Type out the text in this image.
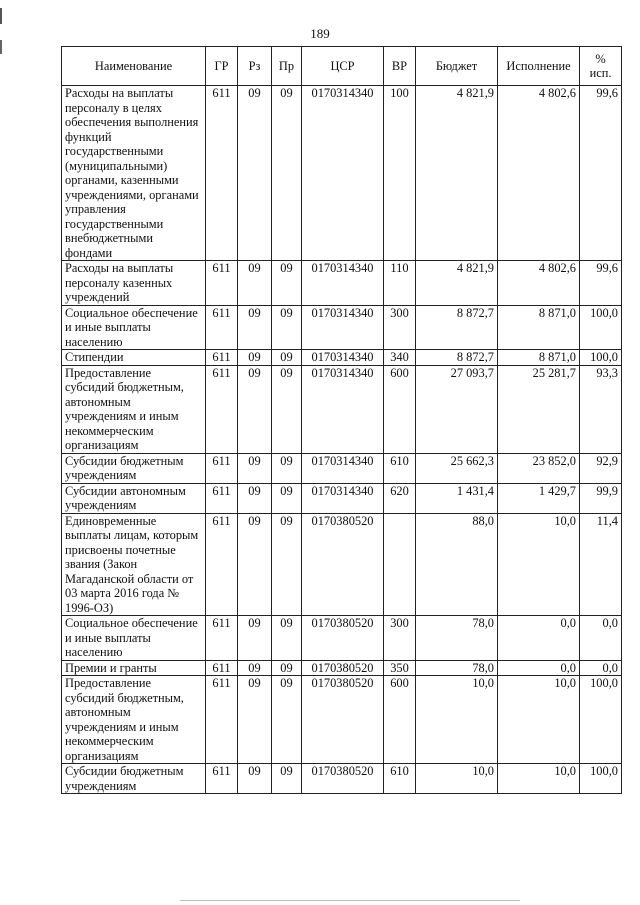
189
Наименование	ГР	Рз	Пр	ЦСР	ВР	Бюджет	Исполнение	% исп.
Расходы на выплаты персоналу в целях обеспечения выполнения функций государственными (муниципальными) органами, казенными учреждениями, органами управления государственными внебюджетными фондами	611	09	09	0170314340	100	4 821,9	4 802,6	99,6
Расходы на выплаты персоналу казенных учреждений	611	09	09	0170314340	110	4 821,9	4 802,6	99,6
Социальное обеспечение и иные выплаты населению	611	09	09	0170314340	300	8 872,7	8 871,0	100,0
Стипендии	611	09	09	0170314340	340	8 872,7	8 871,0	100,0
Предоставление субсидий бюджетным, автономным учреждениям и иным некоммерческим организациям	611	09	09	0170314340	600	27 093,7	25 281,7	93,3
Субсидии бюджетным учреждениям	611	09	09	0170314340	610	25 662,3	23 852,0	92,9
Субсидии автономным учреждениям	611	09	09	0170314340	620	1 431,4	1 429,7	99,9
Единовременные выплаты лицам, которым присвоены почетные звания (Закон Магаданской области от 03 марта 2016 года № 1996-ОЗ)	611	09	09	0170380520		88,0	10,0	11,4
Социальное обеспечение и иные выплаты населению	611	09	09	0170380520	300	78,0	0,0	0,0
Премии и гранты	611	09	09	0170380520	350	78,0	0,0	0,0
Предоставление субсидий бюджетным, автономным учреждениям и иным некоммерческим организациям	611	09	09	0170380520	600	10,0	10,0	100,0
Субсидии бюджетным учреждениям	611	09	09	0170380520	610	10,0	10,0	100,0
